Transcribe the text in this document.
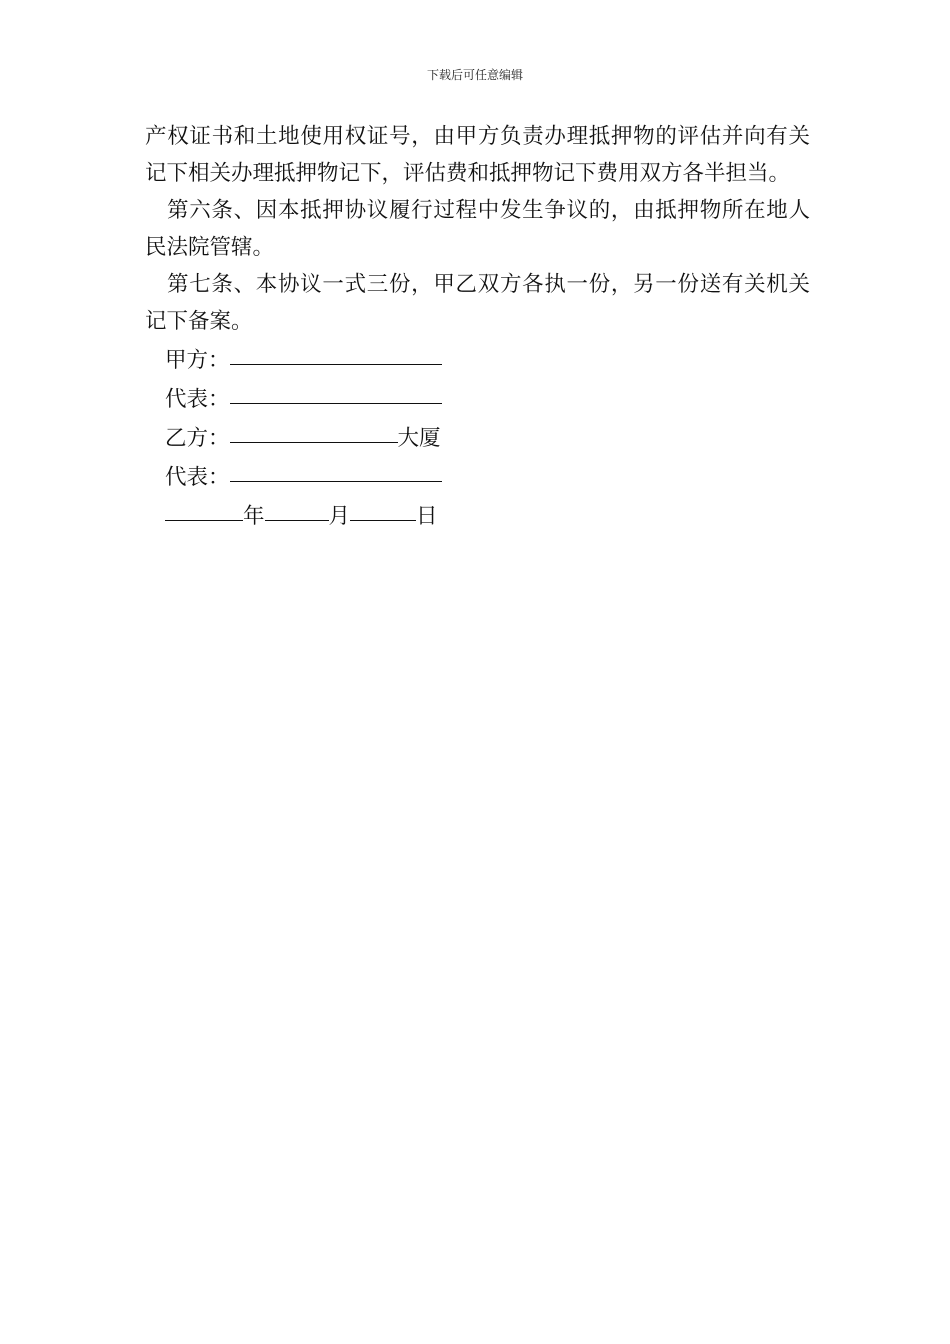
下载后可任意编辑

产权证书和土地使用权证号，由甲方负责办理抵押物的评估并向有关记下相关办理抵押物记下，评估费和抵押物记下费用双方各半担当。

第六条、因本抵押协议履行过程中发生争议的，由抵押物所在地人民法院管辖。

第七条、本协议一式三份，甲乙双方各执一份，另一份送有关机关记下备案。

甲方：

代表：

乙方：	大厦

代表：

年	月	日
